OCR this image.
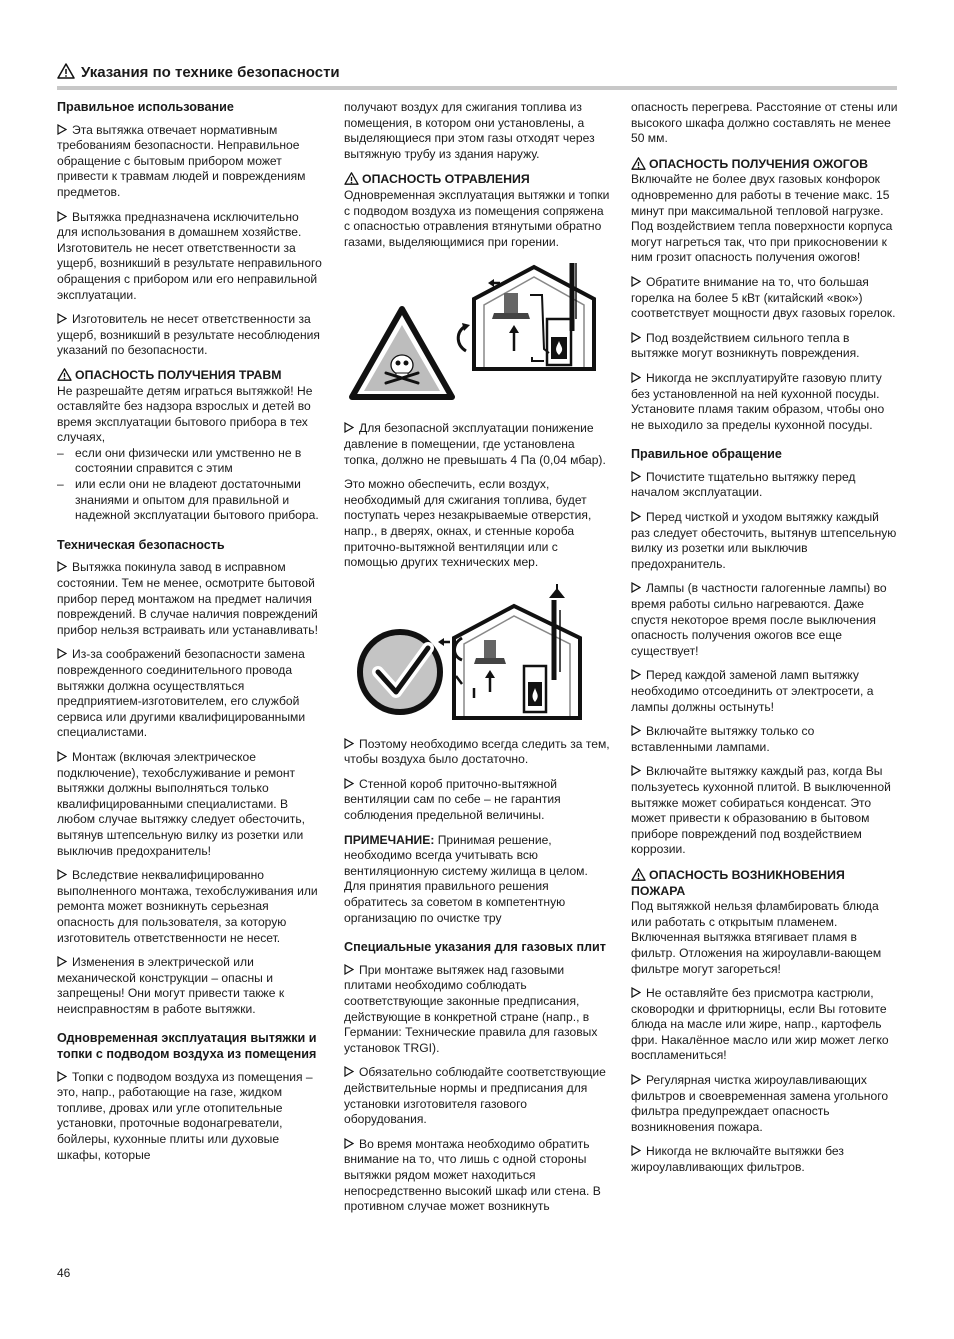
Указания по технике безопасности
Правильное использование

Эта вытяжка отвечает нормативным требованиям безопасности. Неправильное обращение с бытовым прибором может привести к травмам людей и повреждениям предметов.

Вытяжка предназначена исключительно для использования в домашнем хозяйстве. Изготовитель не несет ответственности за ущерб, возникший в результате неправильного обращения с прибором или его неправильной эксплуатации.

Изготовитель не несет ответственности за ущерб, возникший в результате несоблюдения указаний по безопасности.

ОПАСНОСТЬ ПОЛУЧЕНИЯ ТРАВМ

Не разрешайте детям играться вытяжкой! Не оставляйте без надзора взрослых и детей во время эксплуатации бытового прибора в тех случаях,

– если они физически или умственно не в состоянии справится с этим
– или если они не владеют достаточными знаниями и опытом для правильной и надежной эксплуатации бытового прибора.
Техническая безопасность

Вытяжка покинула завод в исправном состоянии. Тем не менее, осмотрите бытовой прибор перед монтажом на предмет наличия повреждений. В случае наличия повреждений прибор нельзя встраивать или устанавливать!

Из-за соображений безопасности замена поврежденного соединительного провода вытяжки должна осуществляться предприятием-изготовителем, его службой сервиса или другими квалифицированными специалистами.

Монтаж (включая электрическое подключение), техобслуживание и ремонт вытяжки должны выполняться только квалифицированными специалистами. В любом случае вытяжку следует обесточить, вытянув штепсельную вилку из розетки или выключив предохранитель!

Вследствие неквалифицированно выполненного монтажа, техобслуживания или ремонта может возникнуть серьезная опасность для пользователя, за которую изготовитель ответственности не несет.

Изменения в электрической или механической конструкции – опасны и запрещены! Они могут привести также к неисправностям в работе вытяжки.

Одновременная эксплуатация вытяжки и топки с подводом воздуха из помещения

Топки с подводом воздуха из помещения – это, напр., работающие на газе, жидком топливе, дровах или угле отопительные установки, проточные водонагреватели, бойлеры, кухонные плиты или духовые шкафы, которые

получают воздух для сжигания топлива из помещения, в котором они установлены, а выделяющиеся при этом газы отходят через вытяжную трубу из здания наружу.

ОПАСНОСТЬ ОТРАВЛЕНИЯ

Одновременная эксплуатация вытяжки и топки с подводом воздуха из помещения сопряжена с опасностью отравления втянутыми обратно газами, выделяющимися при горении.

Для безопасной эксплуатации понижение давление в помещении, где установлена топка, должно не превышать 4 Па (0,04 мбар).

Это можно обеспечить, если воздух, необходимый для сжигания топлива, будет поступать через незакрываемые отверстия, напр., в дверях, окнах, и стенные короба приточно-вытяжной вентиляции или с помощью других технических мер.

Поэтому необходимо всегда следить за тем, чтобы воздуха было достаточно.

Стенной короб приточно-вытяжной вентиляции сам по себе – не гарантия соблюдения предельной величины.

ПРИМЕЧАНИЕ: Принимая решение, необходимо всегда учитывать всю вентиляционную систему жилища в целом. Для принятия правильного решения обратитесь за советом в компетентную организацию по очистке тру

Специальные указания для газовых плит

При монтаже вытяжек над газовыми плитами необходимо соблюдать соответствующие законные предписания, действующие в конкретной стране (напр., в Германии: Технические правила для газовых установок TRGI).

Обязательно соблюдайте соответствующие действительные нормы и предписания для установки изготовителя газового оборудования.

Во время монтажа необходимо обратить внимание на то, что лишь с одной стороны вытяжки рядом может находиться непосредственно высокий шкаф или стена. В противном случае может возникнуть

опасность перегрева. Расстояние от стены или высокого шкафа должно составлять не менее 50 мм.

ОПАСНОСТЬ ПОЛУЧЕНИЯ ОЖОГОВ

Включайте не более двух газовых конфорок одновременно для работы в течение макс. 15 минут при максимальной тепловой нагрузке. Под воздействием тепла поверхности корпуса могут нагреться так, что при прикосновении к ним грозит опасность получения ожогов!

Обратите внимание на то, что большая горелка на более 5 кВт (китайский «вок») соответствует мощности двух газовых горелок.

Под воздействием сильного тепла в вытяжке могут возникнуть повреждения.

Никогда не эксплуатируйте газовую плиту без установленной на ней кухонной посуды. Установите пламя таким образом, чтобы оно не выходило за пределы кухонной посуды.

Правильное обращение

Почистите тщательно вытяжку перед началом эксплуатации.

Перед чисткой и уходом вытяжку каждый раз следует обесточить, вытянув штепсельную вилку из розетки или выключив предохранитель.

Лампы (в частности галогенные лампы) во время работы сильно нагреваются. Даже спустя некоторое время после выключения опасность получения ожогов все еще существует!

Перед каждой заменой ламп вытяжку необходимо отсоединить от электросети, а лампы должны остынуть!

Включайте вытяжку только со вставленными лампами.

Включайте вытяжку каждый раз, когда Вы пользуетесь кухонной плитой. В выключенной вытяжке может собираться конденсат. Это может привести к образованию в бытовом приборе повреждений под воздействием коррозии.

ОПАСНОСТЬ ВОЗНИКНОВЕНИЯ ПОЖАРА

Под вытяжкой нельзя фламбировать блюда или работать с открытым пламенем. Включенная вытяжка втягивает пламя в фильтр. Отложения на жироулавли-вающем фильтре могут загореться!

Не оставляйте без присмотра кастрюли, сковородки и фритюрницы, если Вы готовите блюда на масле или жире, напр., картофель фри. Накалённое масло или жир может легко воспламениться!

Регулярная чистка жироулавливающих фильтров и своевременная замена угольного фильтра предупреждает опасность возникновения пожара.

Никогда не включайте вытяжки без жироулавливающих фильтров.

46
